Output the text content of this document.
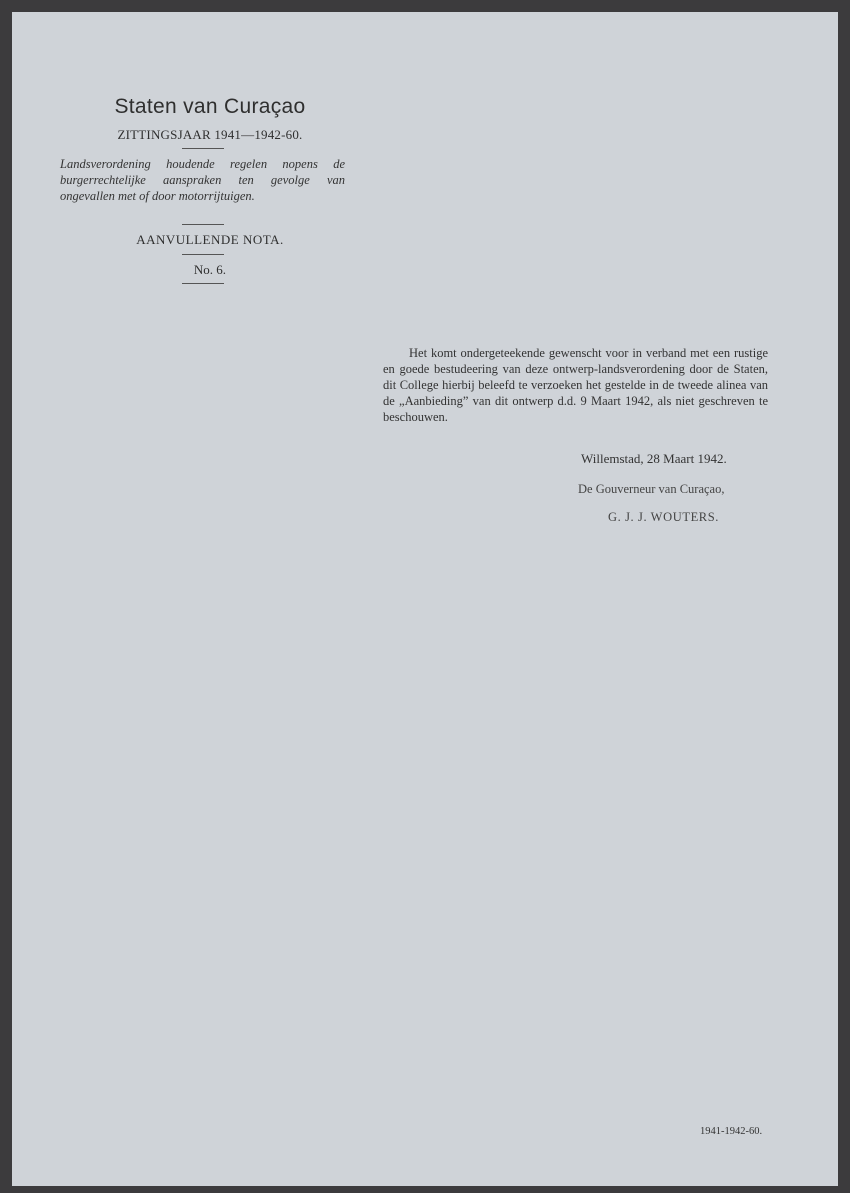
Staten van Curaçao
ZITTINGSJAAR 1941—1942-60.
Landsverordening houdende regelen nopens de burgerrechtelijke aanspraken ten gevolge van ongevallen met of door motorrijtuigen.
AANVULLENDE NOTA.
No. 6.
Het komt ondergeteekende gewenscht voor in verband met een rustige en goede bestudeering van deze ontwerp-landsverordening door de Staten, dit College hierbij beleefd te verzoeken het gestelde in de tweede alinea van de „Aanbieding” van dit ontwerp d.d. 9 Maart 1942, als niet geschreven te beschouwen.
Willemstad, 28 Maart 1942.
De Gouverneur van Curaçao,
G. J. J. WOUTERS.
1941-1942-60.
